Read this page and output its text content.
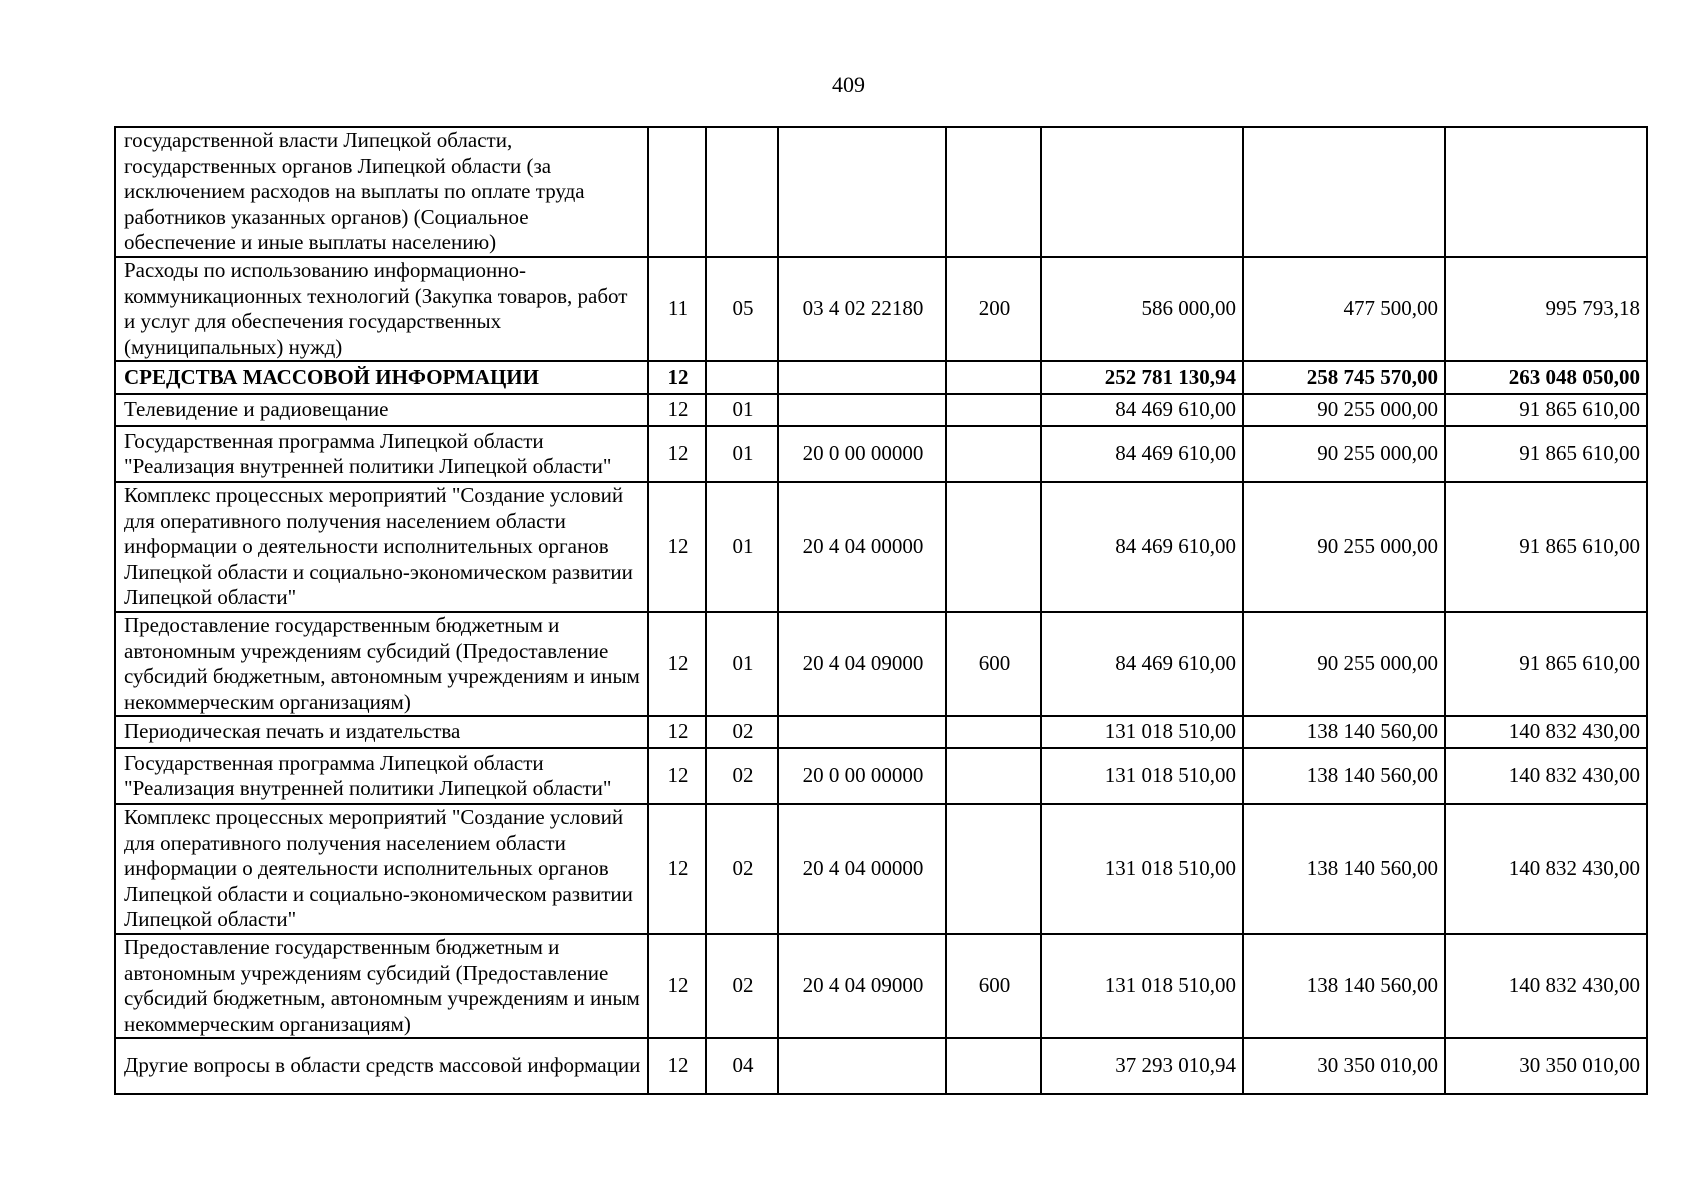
409
государственной власти Липецкой области, государственных органов Липецкой области (за исключением расходов на выплаты по оплате труда работников указанных органов) (Социальное обеспечение и иные выплаты населению)							
Расходы по использованию информационно-коммуникационных технологий (Закупка товаров, работ и услуг для обеспечения государственных (муниципальных) нужд)	11	05	03 4 02 22180	200	586 000,00	477 500,00	995 793,18
СРЕДСТВА МАССОВОЙ ИНФОРМАЦИИ	12				252 781 130,94	258 745 570,00	263 048 050,00
Телевидение и радиовещание	12	01			84 469 610,00	90 255 000,00	91 865 610,00
Государственная программа Липецкой области "Реализация внутренней политики Липецкой области"	12	01	20 0 00 00000		84 469 610,00	90 255 000,00	91 865 610,00
Комплекс процессных мероприятий "Создание условий для оперативного получения населением области информации о деятельности исполнительных органов Липецкой области и социально-экономическом развитии Липецкой области"	12	01	20 4 04 00000		84 469 610,00	90 255 000,00	91 865 610,00
Предоставление государственным бюджетным и автономным учреждениям субсидий (Предоставление субсидий бюджетным, автономным учреждениям и иным некоммерческим организациям)	12	01	20 4 04 09000	600	84 469 610,00	90 255 000,00	91 865 610,00
Периодическая печать и издательства	12	02			131 018 510,00	138 140 560,00	140 832 430,00
Государственная программа Липецкой области "Реализация внутренней политики Липецкой области"	12	02	20 0 00 00000		131 018 510,00	138 140 560,00	140 832 430,00
Комплекс процессных мероприятий "Создание условий для оперативного получения населением области информации о деятельности исполнительных органов Липецкой области и социально-экономическом развитии Липецкой области"	12	02	20 4 04 00000		131 018 510,00	138 140 560,00	140 832 430,00
Предоставление государственным бюджетным и автономным учреждениям субсидий (Предоставление субсидий бюджетным, автономным учреждениям и иным некоммерческим организациям)	12	02	20 4 04 09000	600	131 018 510,00	138 140 560,00	140 832 430,00
Другие вопросы в области средств массовой информации	12	04			37 293 010,94	30 350 010,00	30 350 010,00
